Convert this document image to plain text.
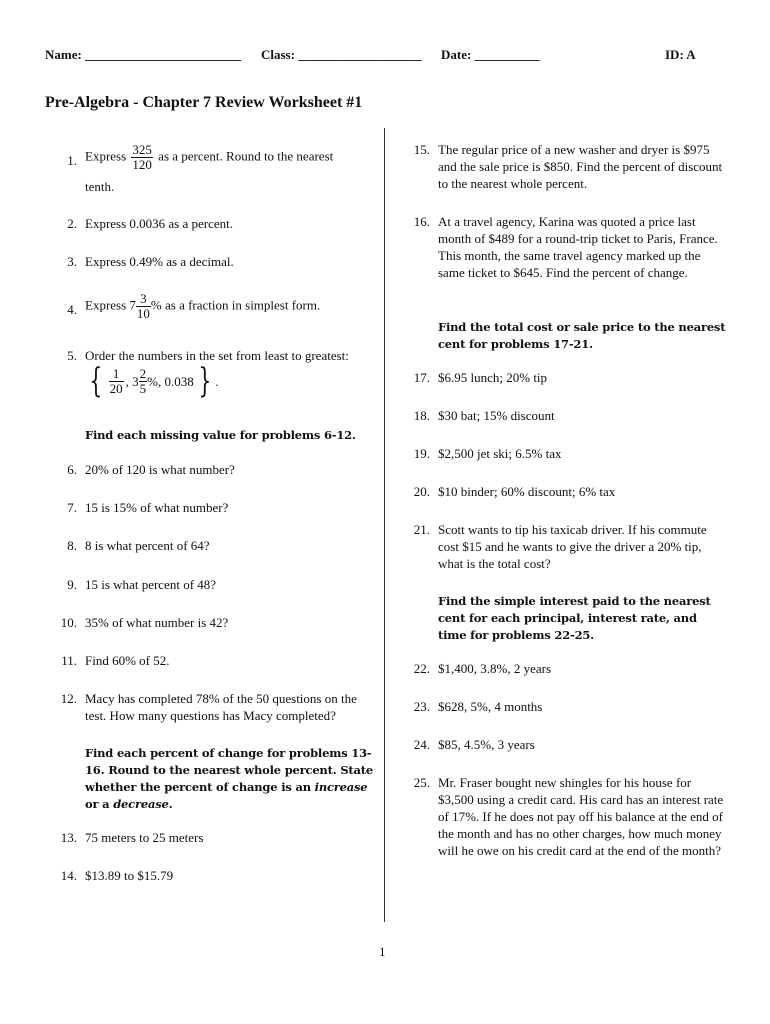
Name: ________________________ Class: ___________________ Date: __________	ID: A
Pre-Algebra - Chapter 7 Review Worksheet #1
1. Express $\frac{325}{120}$ as a percent. Round to the nearest
tenth.
2. Express 0.0036 as a percent.
3. Express 0.49% as a decimal.
4. Express $7 \frac{3}{10}$ % as a fraction in simplest form.
5. Order the numbers in the set from least to greatest:
{ $\frac{1}{20}$ , $3 \frac{2}{5}$ %, 0.038 } .
Find each missing value for problems 6-12.
6. 20% of 120 is what number?
7. 15 is 15% of what number?
8. 8 is what percent of 64?
9. 15 is what percent of 48?
10. 35% of what number is 42?
11. Find 60% of 52.
12. Macy has completed 78% of the 50 questions on the test. How many questions has Macy completed?
Find each percent of change for problems 13-16. Round to the nearest whole percent. State whether the percent of change is an increase or a decrease.
13. 75 meters to 25 meters
14. $13.89 to $15.79
15. The regular price of a new washer and dryer is $975 and the sale price is $850. Find the percent of discount to the nearest whole percent.
16. At a travel agency, Karina was quoted a price last month of $489 for a round-trip ticket to Paris, France. This month, the same travel agency marked up the same ticket to $645. Find the percent of change.
Find the total cost or sale price to the nearest cent for problems 17-21.
17. $6.95 lunch; 20% tip
18. $30 bat; 15% discount
19. $2,500 jet ski; 6.5% tax
20. $10 binder; 60% discount; 6% tax
21. Scott wants to tip his taxicab driver. If his commute cost $15 and he wants to give the driver a 20% tip, what is the total cost?
Find the simple interest paid to the nearest cent for each principal, interest rate, and time for problems 22-25.
22. $1,400, 3.8%, 2 years
23. $628, 5%, 4 months
24. $85, 4.5%, 3 years
25. Mr. Fraser bought new shingles for his house for $3,500 using a credit card. His card has an interest rate of 17%. If he does not pay off his balance at the end of the month and has no other charges, how much money will he owe on his credit card at the end of the month?
1
